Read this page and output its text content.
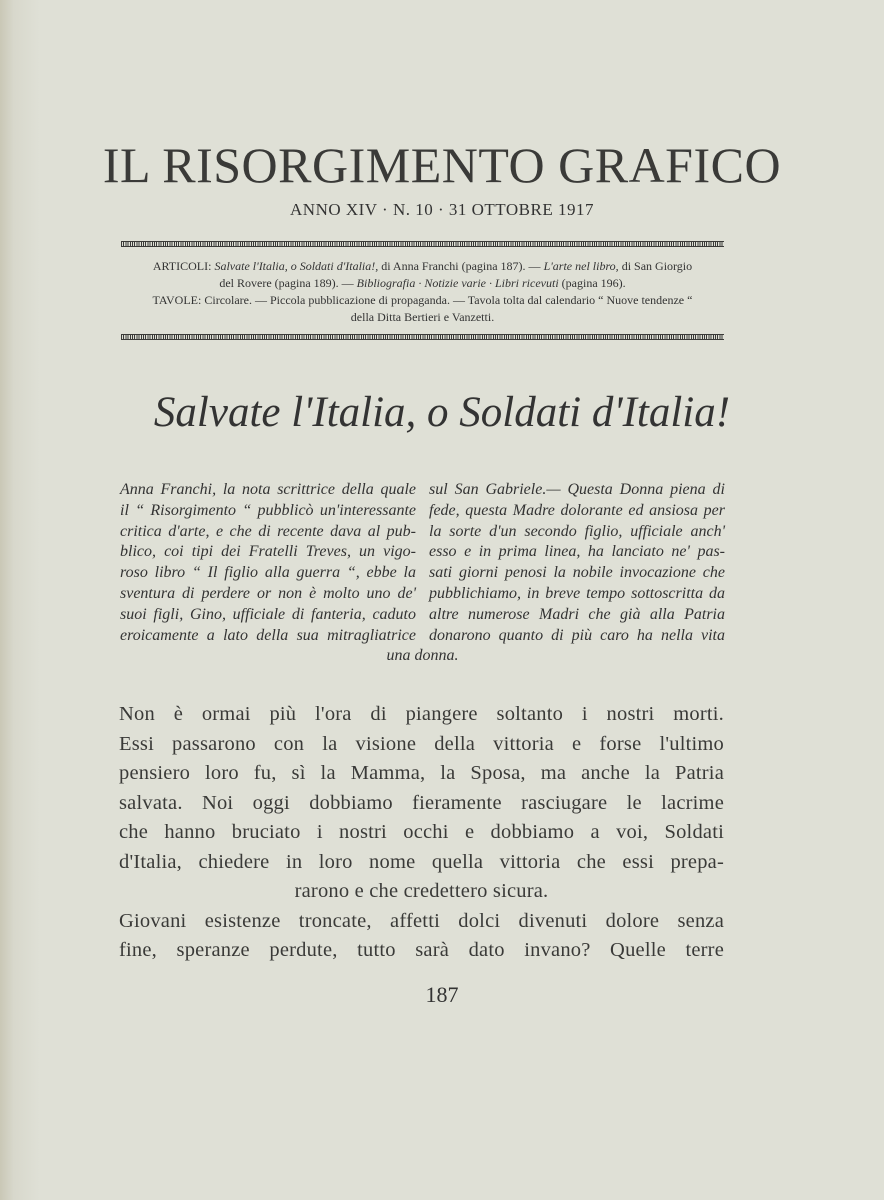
IL RISORGIMENTO GRAFICO
ANNO XIV · N. 10 · 31 OTTOBRE 1917
ARTICOLI: Salvate l'Italia, o Soldati d'Italia!, di Anna Franchi (pagina 187). — L'arte nel libro, di San Giorgio
del Rovere (pagina 189). — Bibliografia · Notizie varie · Libri ricevuti (pagina 196).
TAVOLE: Circolare. — Piccola pubblicazione di propaganda. — Tavola tolta dal calendario “ Nuove tendenze “
della Ditta Bertieri e Vanzetti.
Salvate l'Italia, o Soldati d'Italia!
Anna Franchi, la nota scrittrice della quale
il “ Risorgimento “ pubblicò un'interessante
critica d'arte, e che di recente dava al pub-
blico, coi tipi dei Fratelli Treves, un vigo-
roso libro “ Il figlio alla guerra “, ebbe la
sventura di perdere or non è molto uno de'
suoi figli, Gino, ufficiale di fanteria, caduto
eroicamente a lato della sua mitragliatrice
sul San Gabriele.— Questa Donna piena di
fede, questa Madre dolorante ed ansiosa per
la sorte d'un secondo figlio, ufficiale anch'
esso e in prima linea, ha lanciato ne' pas-
sati giorni penosi la nobile invocazione che
pubblichiamo, in breve tempo sottoscritta da
altre numerose Madri che già alla Patria
donarono quanto di più caro ha nella vita
una donna.
Non è ormai più l'ora di piangere soltanto i nostri morti.
Essi passarono con la visione della vittoria e forse l'ultimo
pensiero loro fu, sì la Mamma, la Sposa, ma anche la Patria
salvata. Noi oggi dobbiamo fieramente rasciugare le lacrime
che hanno bruciato i nostri occhi e dobbiamo a voi, Soldati
d'Italia, chiedere in loro nome quella vittoria che essi prepa-
rarono e che credettero sicura.
Giovani esistenze troncate, affetti dolci divenuti dolore senza
fine, speranze perdute, tutto sarà dato invano? Quelle terre
187
